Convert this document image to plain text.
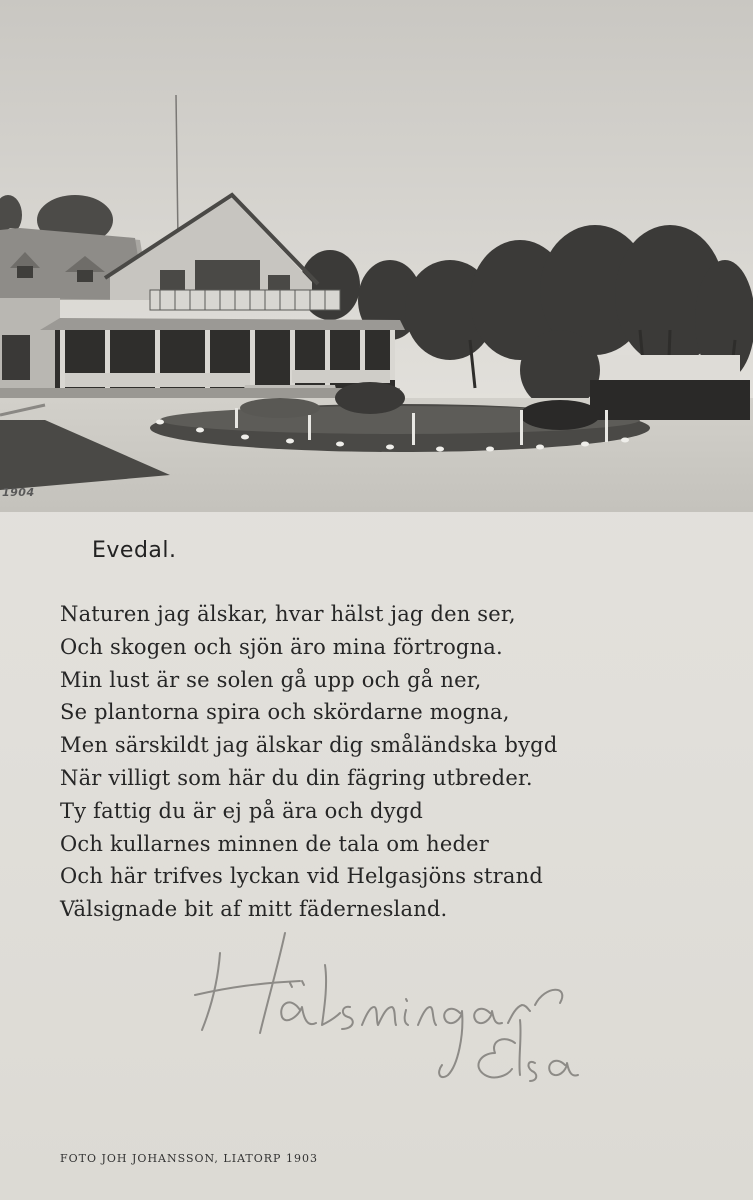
1904
Evedal.
Naturen jag älskar, hvar hälst jag den ser,
Och skogen och sjön äro mina förtrogna.
Min lust är se solen gå upp och gå ner,
Se plantorna spira och skördarne mogna,
Men särskildt jag älskar dig småländska bygd
När villigt som här du din fägring utbreder.
Ty fattig du är ej på ära och dygd
Och kullarnes minnen de tala om heder
Och här trifves lyckan vid Helgasjöns strand
Välsignade bit af mitt fädernesland.
FOTO JOH JOHANSSON, LIATORP 1903
